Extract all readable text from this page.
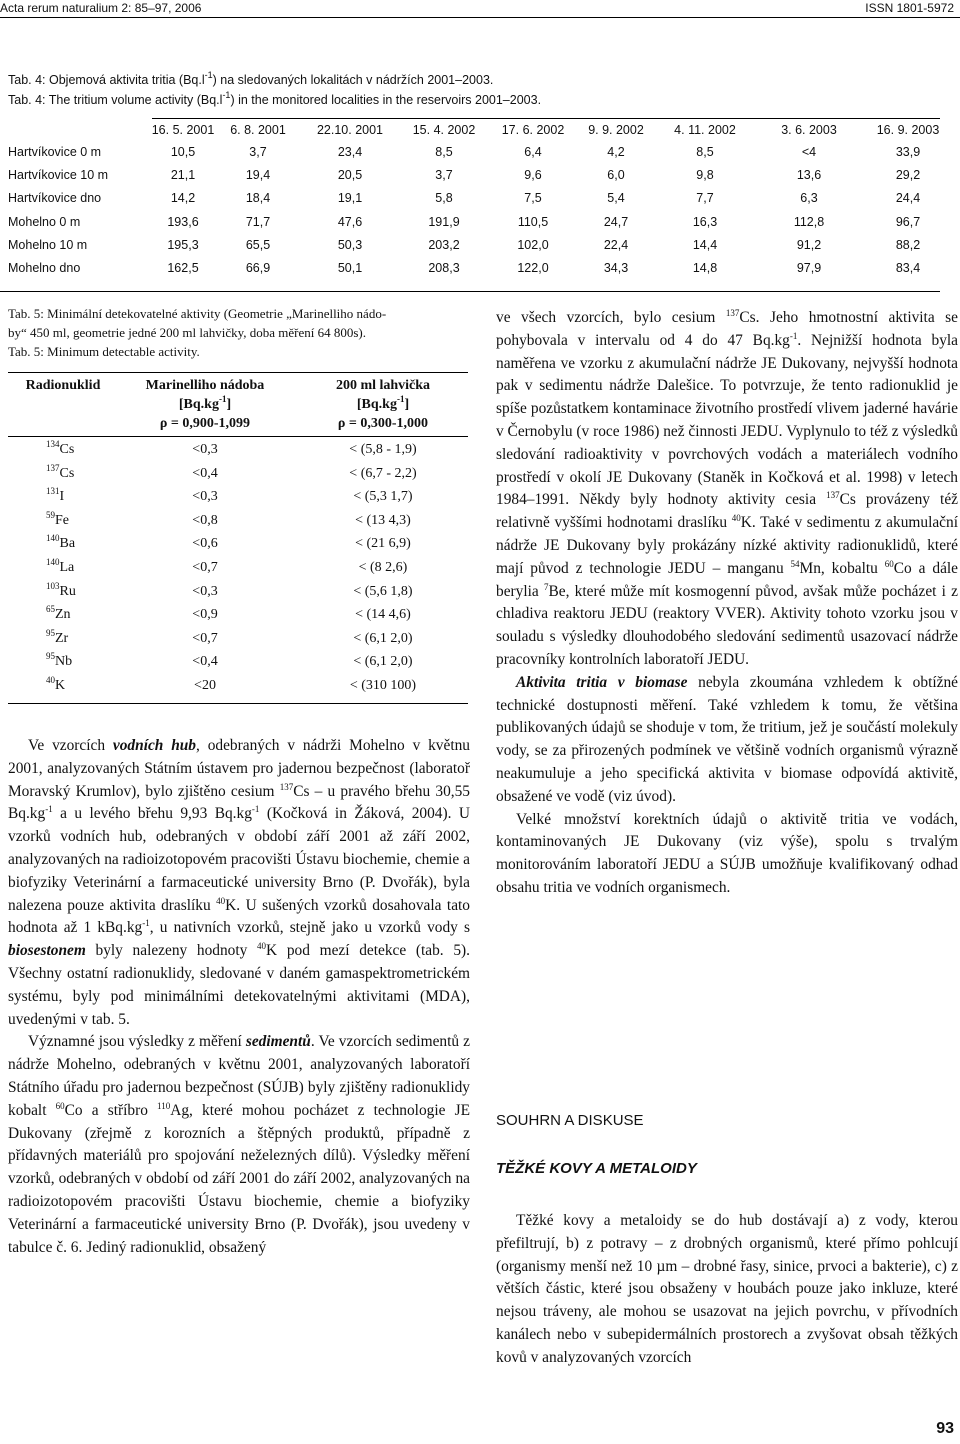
Acta rerum naturalium 2: 85–97, 2006	ISSN 1801-5972
Tab. 4: Objemová aktivita tritia $(Bq.l^{-1})$ na sledovaných lokalitách v nádržích 2001–2003.
Tab. 4: The tritium volume activity $(Bq.l^{-1})$ in the monitored localities in the reservoirs 2001–2003.
16. 5. 2001	6. 8. 2001	22.10. 2001	15. 4. 2002	17. 6. 2002	9. 9. 2002	4. 11. 2002	3. 6. 2003	16. 9. 2003
Hartvíkovice 0 m	10,5	3,7	23,4	8,5	6,4	4,2	8,5	<4	33,9
Hartvíkovice 10 m	21,1	19,4	20,5	3,7	9,6	6,0	9,8	13,6	29,2
Hartvíkovice dno	14,2	18,4	19,1	5,8	7,5	5,4	7,7	6,3	24,4
Mohelno 0 m	193,6	71,7	47,6	191,9	110,5	24,7	16,3	112,8	96,7
Mohelno 10 m	195,3	65,5	50,3	203,2	102,0	22,4	14,4	91,2	88,2
Mohelno dno	162,5	66,9	50,1	208,3	122,0	34,3	14,8	97,9	83,4
Tab. 5: Minimální detekovatelné aktivity (Geometrie „Marinelliho nádo-
by“ 450 ml, geometrie jedné 200 ml lahvičky, doba měření 64 800s).
Tab. 5: Minimum detectable activity.
Radionuklid	Marinelliho nádoba
$[Bq.kg^{-1}]$
ρ = 0,900-1,099
200 ml lahvička
$[Bq.kg^{-1}]$
ρ = 0,300-1,000
$^{134}$Cs	<0,3	< (5,8 - 1,9)
$^{137}$Cs	<0,4	< (6,7 - 2,2)
$^{131}$I	<0,3	< (5,3 1,7)
$^{59}$Fe	<0,8	< (13 4,3)
$^{140}$Ba	<0,6	< (21 6,9)
$^{140}$La	<0,7	< (8 2,6)
$^{103}$Ru	<0,3	< (5,6 1,8)
$^{65}$Zn	<0,9	< (14 4,6)
$^{95}$Zr	<0,7	< (6,1 2,0)
$^{95}$Nb	<0,4	< (6,1 2,0)
$^{40}$K	<20	< (310 100)

Ve vzorcích vodních hub, odebraných v nádrži Mohelno v květnu 2001, analyzovaných Státním ústavem pro jadernou bezpečnost (laboratoř Moravský Krumlov), bylo zjištěno cesium $^{137}$Cs – u pravého břehu 30,55 $Bq.kg^{-1}$ a u levého břehu 9,93 $Bq.kg^{-1}$ (Kočková in Žáková, 2004). U vzorků vodních hub, odebraných v období září 2001 až září 2002, analyzovaných na radioizotopovém pracovišti Ústavu biochemie, chemie a biofyziky Veterinární a farmaceutické university Brno (P. Dvořák), byla nalezena pouze aktivita draslíku $^{40}$K. U sušených vzorků dosahovala tato hodnota až 1 $kBq.kg^{-1}$, u nativních vzorků, stejně jako u vzorků vody s biosestonem byly nalezeny hodnoty $^{40}$K pod mezí detekce (tab. 5). Všechny ostatní radionuklidy, sledované v daném gamaspektrometrickém systému, byly pod minimálními detekovatelnými aktivitami (MDA), uvedenými v tab. 5.

Významné jsou výsledky z měření sedimentů. Ve vzorcích sedimentů z nádrže Mohelno, odebraných v květnu 2001, analyzovaných laboratoří Státního úřadu pro jadernou bezpečnost (SÚJB) byly zjištěny radionuklidy kobalt $^{60}$Co a stříbro $^{110}$Ag, které mohou pocházet z technologie JE Dukovany (zřejmě z korozních a štěpných produktů, případně z přídavných materiálů pro spojování neželezných dílů). Výsledky měření vzorků, odebraných v období od září 2001 do září 2002, analyzovaných na radioizotopovém pracovišti Ústavu biochemie, chemie a biofyziky Veterinární a farmaceutické university Brno (P. Dvořák), jsou uvedeny v tabulce č. 6. Jediný radionuklid, obsažený

ve všech vzorcích, bylo cesium $^{137}$Cs. Jeho hmotnostní aktivita se pohybovala v intervalu od 4 do 47 $Bq.kg^{-1}$. Nejnižší hodnota byla naměřena ve vzorku z akumulační nádrže JE Dukovany, nejvyšší hodnota pak v sedimentu nádrže Dalešice. To potvrzuje, že tento radionuklid je spíše pozůstatkem kontaminace životního prostředí vlivem jaderné havárie v Černobylu (v roce 1986) než činnosti JEDU. Vyplynulo to též z výsledků sledování radioaktivity v povrchových vodách a materiálech vodního prostředí v okolí JE Dukovany (Staněk in Kočková et al. 1998) v letech 1984–1991. Někdy byly hodnoty aktivity cesia $^{137}$Cs provázeny též relativně vyššími hodnotami draslíku $^{40}$K. Také v sedimentu z akumulační nádrže JE Dukovany byly prokázány nízké aktivity radionuklidů, které mají původ z technologie JEDU – manganu $^{54}$Mn, kobaltu $^{60}$Co a dále berylia $^7$Be, které může mít kosmogenní původ, avšak může pocházet i z chladiva reaktoru JEDU (reaktory VVER). Aktivity tohoto vzorku jsou v souladu s výsledky dlouhodobého sledování sedimentů usazovací nádrže pracovníky kontrolních laboratoří JEDU.

Aktivita tritia v biomase nebyla zkoumána vzhledem k obtížné technické dostupnosti měření. Také vzhledem k tomu, že většina publikovaných údajů se shoduje v tom, že tritium, jež je součástí molekuly vody, se za přirozených podmínek ve většině vodních organismů výrazně neakumuluje a jeho specifická aktivita v biomase odpovídá aktivitě, obsažené ve vodě (viz úvod).

Velké množství korektních údajů o aktivitě tritia ve vodách, kontaminovaných JE Dukovany (viz výše), spolu s trvalým monitorováním laboratoří JEDU a SÚJB umožňuje kvalifikovaný odhad obsahu tritia ve vodních organismech.

SOUHRN A DISKUSE
TĚŽKÉ KOVY A METALOIDY

Těžké kovy a metaloidy se do hub dostávají a) z vody, kterou přefiltrují, b) z potravy – z drobných organismů, které přímo pohlcují (organismy menší než 10 µm – drobné řasy, sinice, prvoci a bakterie), c) z větších částic, které jsou obsaženy v houbách pouze jako inkluze, které nejsou tráveny, ale mohou se usazovat na jejich povrchu, v přívodních kanálech nebo v subepidermálních prostorech a zvyšovat obsah těžkých kovů v analyzovaných vzorcích

93
